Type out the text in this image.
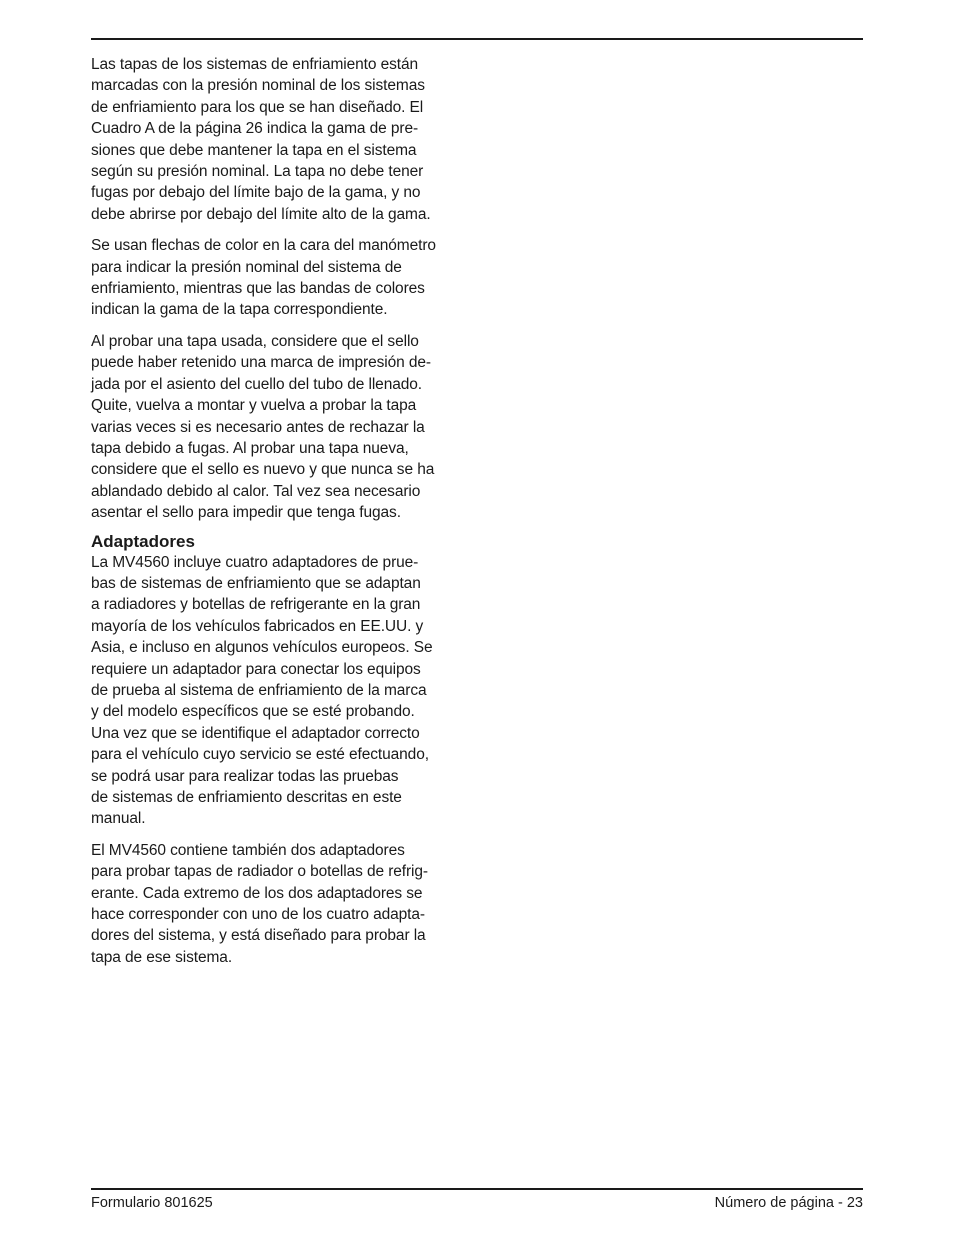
Las tapas de los sistemas de enfriamiento están
marcadas con la presión nominal de los sistemas
de enfriamiento para los que se han diseñado. El
Cuadro A de la página 26 indica la gama de pre-
siones que debe mantener la tapa en el sistema
según su presión nominal. La tapa no debe tener
fugas por debajo del límite bajo de la gama, y no
debe abrirse por debajo del límite alto de la gama.

Se usan flechas de color en la cara del manómetro
para indicar la presión nominal del sistema de
enfriamiento, mientras que las bandas de colores
indican la gama de la tapa correspondiente.

Al probar una tapa usada, considere que el sello
puede haber retenido una marca de impresión de-
jada por el asiento del cuello del tubo de llenado.
Quite, vuelva a montar y vuelva a probar la tapa
varias veces si es necesario antes de rechazar la
tapa debido a fugas. Al probar una tapa nueva,
considere que el sello es nuevo y que nunca se ha
ablandado debido al calor. Tal vez sea necesario
asentar el sello para impedir que tenga fugas.

Adaptadores

La MV4560 incluye cuatro adaptadores de prue-
bas de sistemas de enfriamiento que se adaptan
a radiadores y botellas de refrigerante en la gran
mayoría de los vehículos fabricados en EE.UU. y
Asia, e incluso en algunos vehículos europeos. Se
requiere un adaptador para conectar los equipos
de prueba al sistema de enfriamiento de la marca
y del modelo específicos que se esté probando.
Una vez que se identifique el adaptador correcto
para el vehículo cuyo servicio se esté efectuando,
se podrá usar para realizar todas las pruebas
de sistemas de enfriamiento descritas en este
manual.

El MV4560 contiene también dos adaptadores
para probar tapas de radiador o botellas de refrig-
erante. Cada extremo de los dos adaptadores se
hace corresponder con uno de los cuatro adapta-
dores del sistema, y está diseñado para probar la
tapa de ese sistema.

Formulario 801625	Número de página - 23
